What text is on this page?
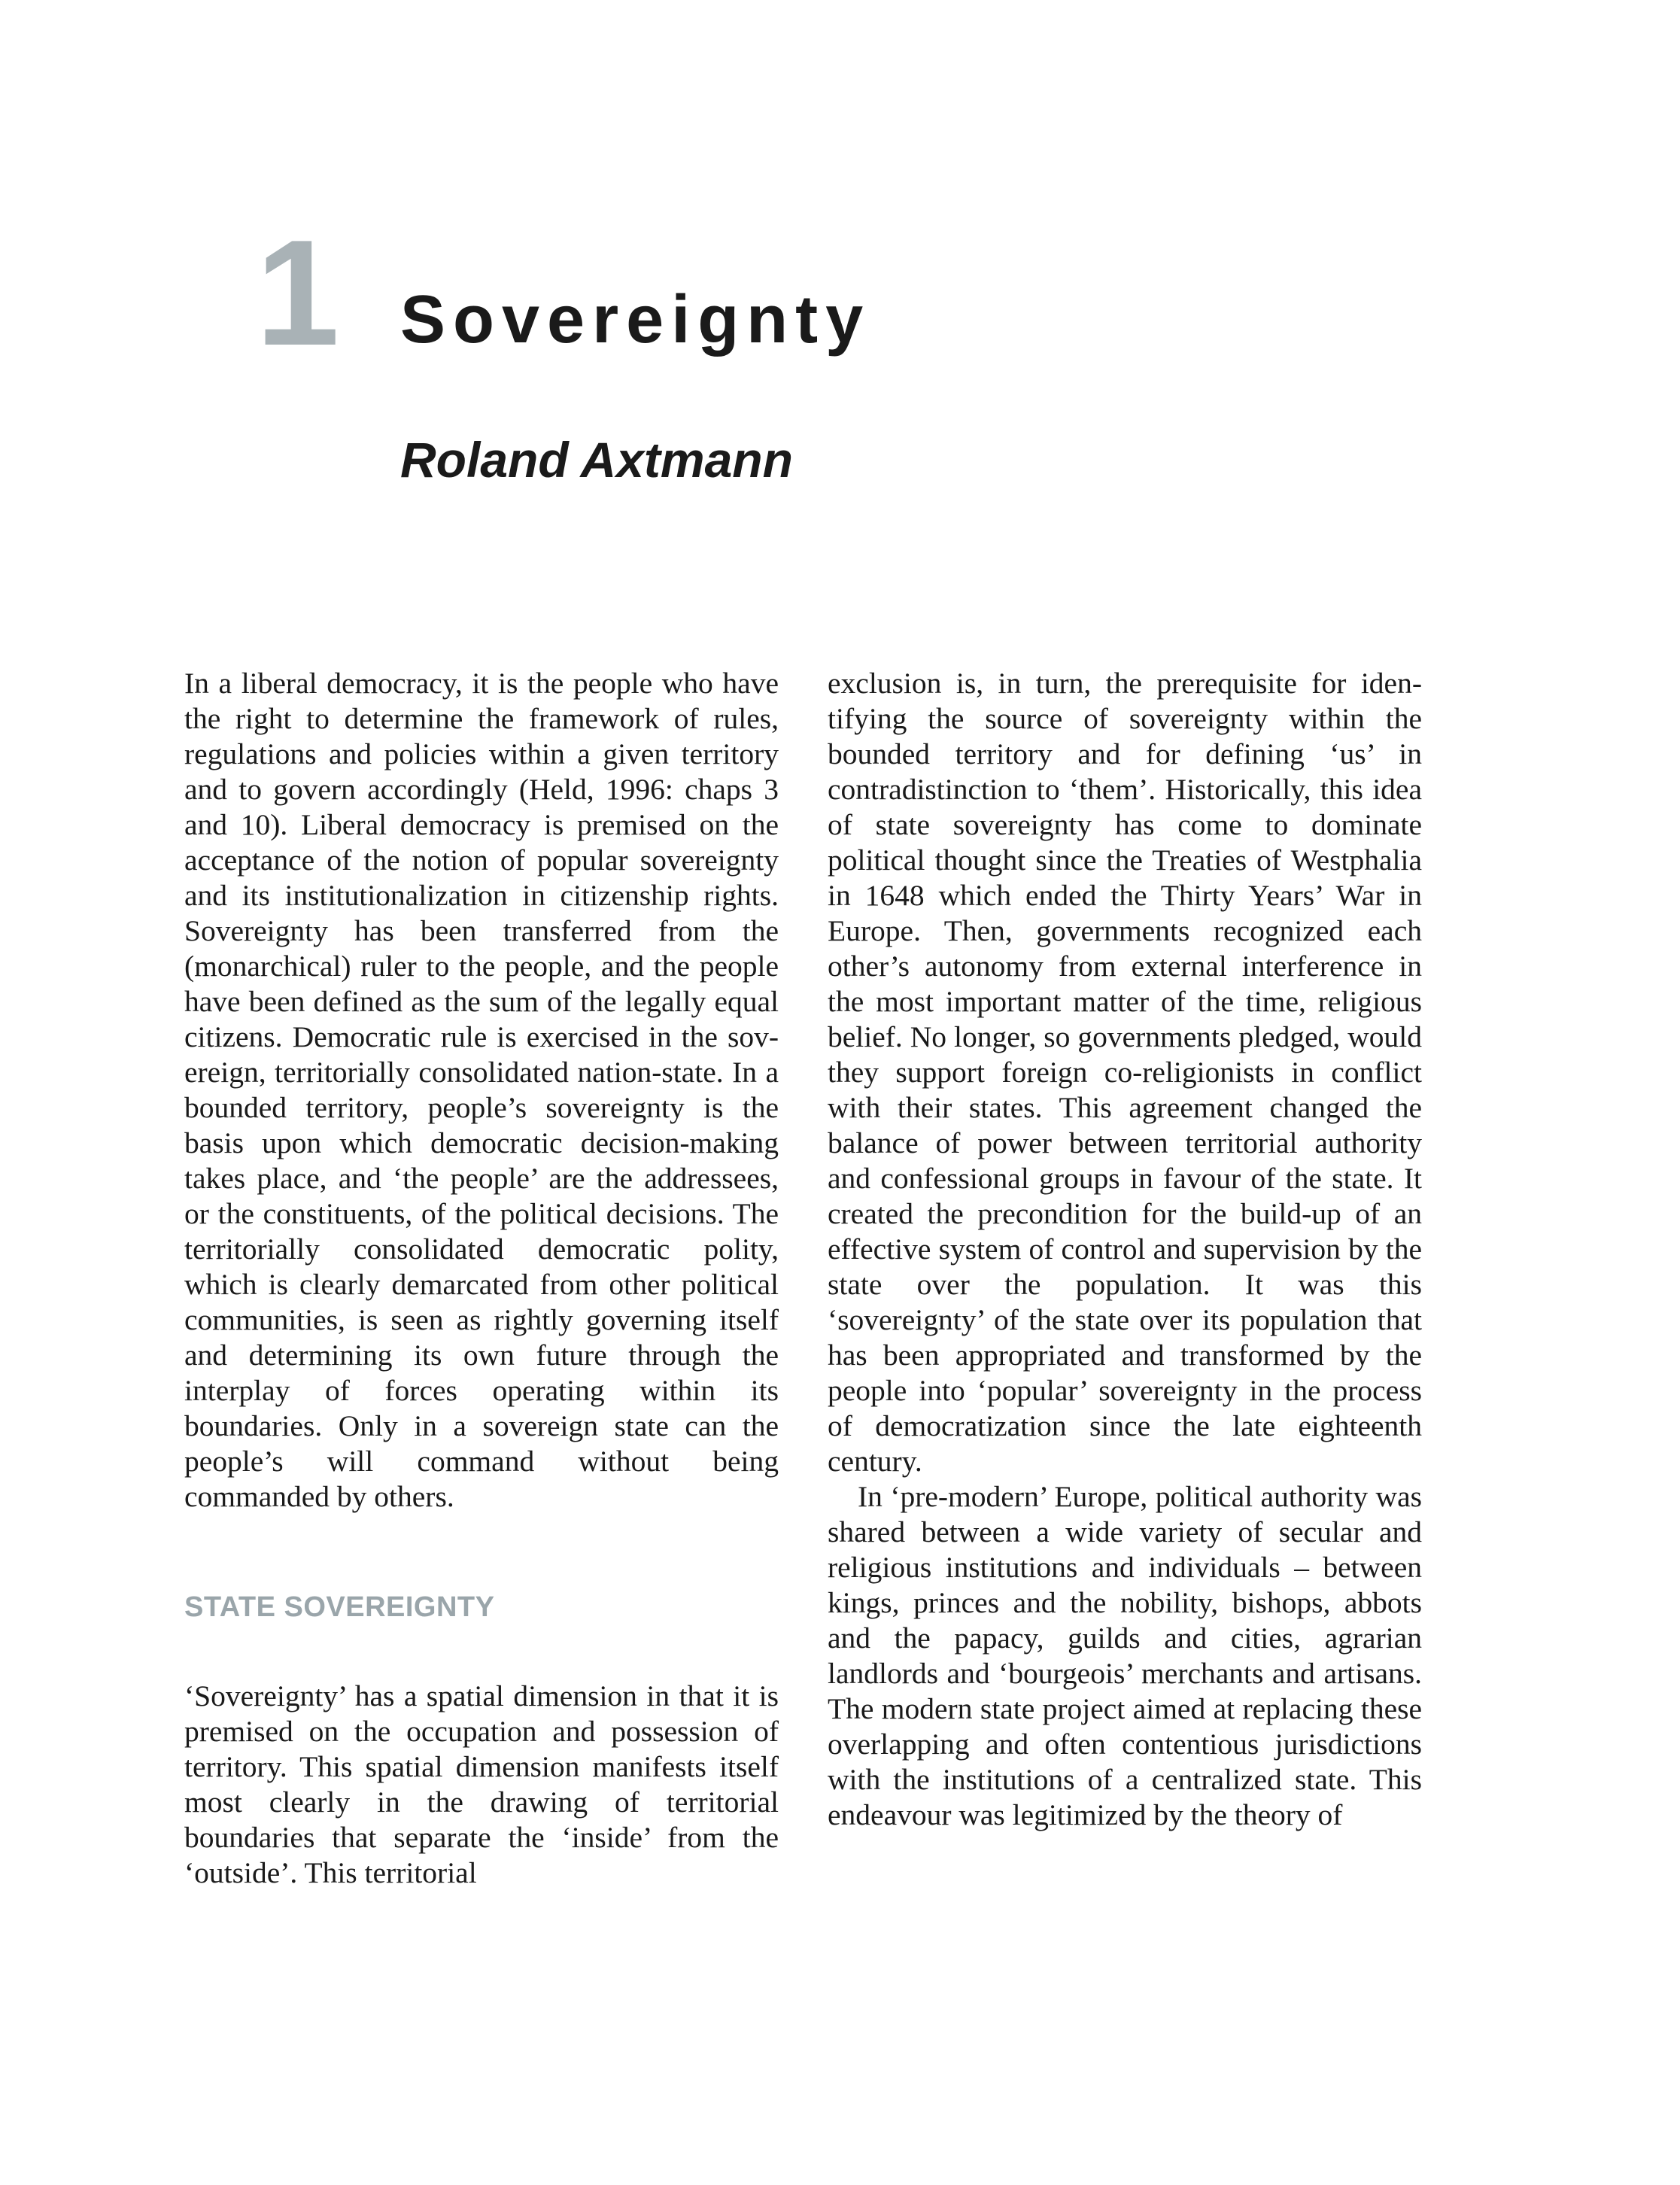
1 Sovereignty
Roland Axtmann

In a liberal democracy, it is the people who have the right to determine the framework of rules, regulations and policies within a given territory and to govern accordingly (Held, 1996: chaps 3 and 10). Liberal democracy is premised on the acceptance of the notion of popular sovereignty and its institutionalization in citizenship rights. Sovereignty has been transferred from the (monarchical) ruler to the people, and the people have been defined as the sum of the legally equal citizens. Democratic rule is exercised in the sovereign, territorially consolidated nation-state. In a bounded territory, people’s sovereignty is the basis upon which democratic decision-making takes place, and ‘the people’ are the addressees, or the constituents, of the political decisions. The territorially consolidated democratic polity, which is clearly demarcated from other political communities, is seen as rightly governing itself and determining its own future through the interplay of forces operating within its boundaries. Only in a sovereign state can the people’s will command without being commanded by others.

STATE SOVEREIGNTY

‘Sovereignty’ has a spatial dimension in that it is premised on the occupation and possession of territory. This spatial dimension manifests itself most clearly in the drawing of territorial boundaries that separate the ‘inside’ from the ‘outside’. This territorial

exclusion is, in turn, the prerequisite for identifying the source of sovereignty within the bounded territory and for defining ‘us’ in contradistinction to ‘them’. Historically, this idea of state sovereignty has come to dominate political thought since the Treaties of Westphalia in 1648 which ended the Thirty Years’ War in Europe. Then, governments recognized each other’s autonomy from external interference in the most important matter of the time, religious belief. No longer, so governments pledged, would they support foreign co-religionists in conflict with their states. This agreement changed the balance of power between territorial authority and confessional groups in favour of the state. It created the precondition for the build-up of an effective system of control and supervision by the state over the population. It was this ‘sovereignty’ of the state over its population that has been appropriated and transformed by the people into ‘popular’ sovereignty in the process of democratization since the late eighteenth century.

In ‘pre-modern’ Europe, political authority was shared between a wide variety of secular and religious institutions and individuals – between kings, princes and the nobility, bishops, abbots and the papacy, guilds and cities, agrarian landlords and ‘bourgeois’ merchants and artisans. The modern state project aimed at replacing these overlapping and often contentious jurisdictions with the institutions of a centralized state. This endeavour was legitimized by the theory of
